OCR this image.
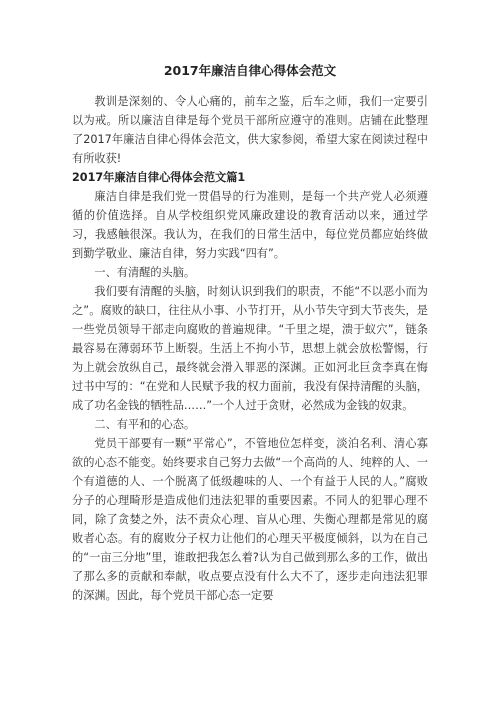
2017年廉洁自律心得体会范文

教训是深刻的、令人心痛的，前车之鉴，后车之师，我们一定要引以为戒。所以廉洁自律是每个党员干部所应遵守的准则。店铺在此整理了2017年廉洁自律心得体会范文，供大家参阅，希望大家在阅读过程中有所收获!

2017年廉洁自律心得体会范文篇1

廉洁自律是我们党一贯倡导的行为准则，是每一个共产党人必须遵循的价值选择。自从学校组织党风廉政建设的教育活动以来，通过学习，我感触很深。我认为，在我们的日常生活中，每位党员都应始终做到勤学敬业、廉洁自律，努力实践“四有”。

一、有清醒的头脑。

我们要有清醒的头脑，时刻认识到我们的职责，不能“不以恶小而为之”。腐败的缺口，往往从小事、小节打开，从小节失守到大节丧失，是一些党员领导干部走向腐败的普遍规律。“千里之堤，溃于蚁穴”，链条最容易在薄弱环节上断裂。生活上不拘小节，思想上就会放松警惕，行为上就会放纵自己，最终就会滑入罪恶的深渊。正如河北巨贪李真在悔过书中写的：“在党和人民赋予我的权力面前，我没有保持清醒的头脑，成了功名金钱的牺牲品……”一个人过于贪财，必然成为金钱的奴隶。

二、有平和的心态。

党员干部要有一颗“平常心”，不管地位怎样变，淡泊名利、清心寡欲的心态不能变。始终要求自己努力去做“一个高尚的人、纯粹的人、一个有道德的人、一个脱离了低级趣味的人、一个有益于人民的人。”腐败分子的心理畸形是造成他们违法犯罪的重要因素。不同人的犯罪心理不同，除了贪婪之外，法不责众心理、盲从心理、失衡心理都是常见的腐败者心态。有的腐败分子权力让他们的心理天平极度倾斜，以为在自己的“一亩三分地”里，谁敢把我怎么着?认为自己做到那么多的工作，做出了那么多的贡献和奉献，收点要点没有什么大不了，逐步走向违法犯罪的深渊。因此，每个党员干部心态一定要
